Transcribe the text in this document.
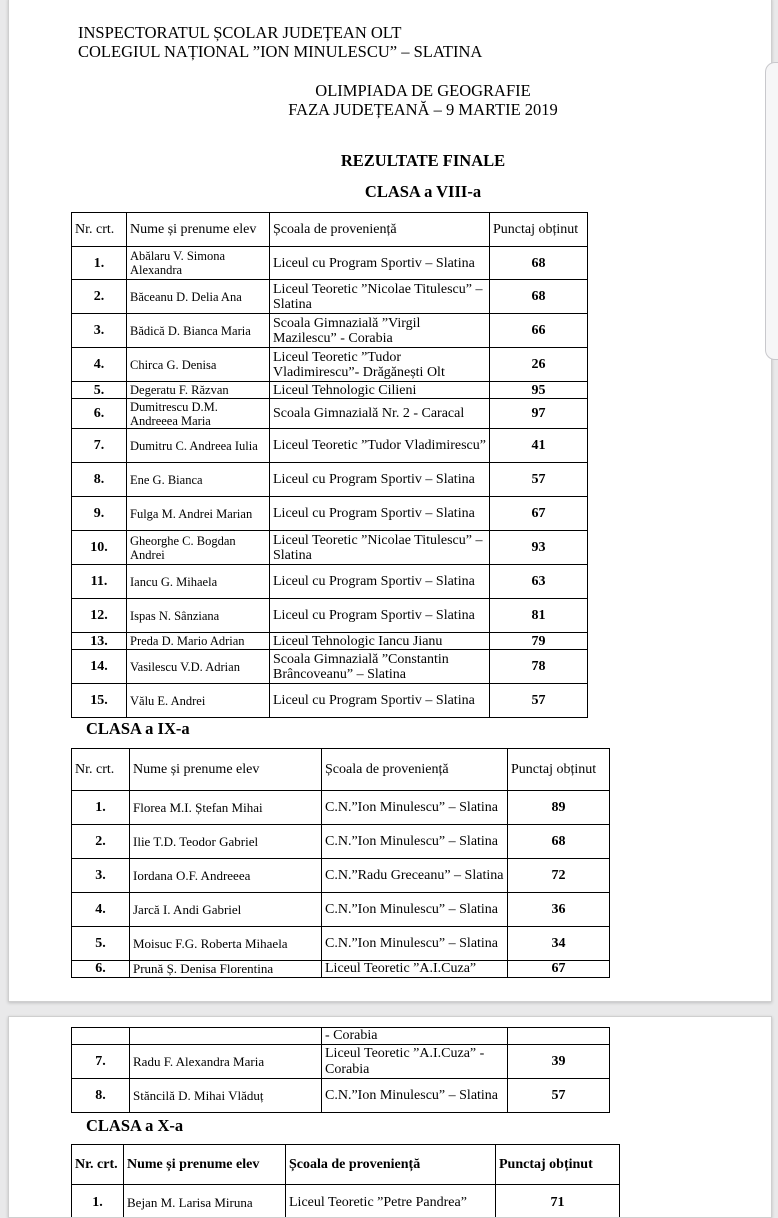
INSPECTORATUL ȘCOLAR JUDEȚEAN OLT
COLEGIUL NAȚIONAL ”ION MINULESCU” – SLATINA
OLIMPIADA DE GEOGRAFIE
FAZA JUDEȚEANĂ – 9 MARTIE 2019
REZULTATE FINALE
CLASA a VIII-a
Nr. crt.	Nume și prenume elev	Școala de proveniență	Punctaj obținut
1.	Abălaru V. Simona Alexandra	Liceul cu Program Sportiv – Slatina	68
2.	Băceanu D. Delia Ana	Liceul Teoretic ”Nicolae Titulescu” – Slatina	68
3.	Bădică D. Bianca Maria	Scoala Gimnazială ”Virgil Mazilescu” - Corabia	66
4.	Chirca G. Denisa	Liceul Teoretic ”Tudor Vladimirescu”- Drăgănești Olt	26
5.	Degeratu F. Răzvan	Liceul Tehnologic Cilieni	95
6.	Dumitrescu D.M. Andreeea Maria	Scoala Gimnazială Nr. 2 - Caracal	97
7.	Dumitru C. Andreea Iulia	Liceul Teoretic ”Tudor Vladimirescu”	41
8.	Ene G. Bianca	Liceul cu Program Sportiv – Slatina	57
9.	Fulga M. Andrei Marian	Liceul cu Program Sportiv – Slatina	67
10.	Gheorghe C. Bogdan Andrei	Liceul Teoretic ”Nicolae Titulescu” – Slatina	93
11.	Iancu G. Mihaela	Liceul cu Program Sportiv – Slatina	63
12.	Ispas N. Sânziana	Liceul cu Program Sportiv – Slatina	81
13.	Preda D. Mario Adrian	Liceul Tehnologic Iancu Jianu	79
14.	Vasilescu V.D. Adrian	Scoala Gimnazială ”Constantin Brâncoveanu” – Slatina	78
15.	Vălu E. Andrei	Liceul cu Program Sportiv – Slatina	57
CLASA a IX-a
Nr. crt.	Nume și prenume elev	Școala de proveniență	Punctaj obținut
1.	Florea M.I. Ștefan Mihai	C.N.”Ion Minulescu” – Slatina	89
2.	Ilie T.D. Teodor Gabriel	C.N.”Ion Minulescu” – Slatina	68
3.	Iordana O.F. Andreeea	C.N.”Radu Greceanu” – Slatina	72
4.	Jarcă I. Andi Gabriel	C.N.”Ion Minulescu” – Slatina	36
5.	Moisuc F.G. Roberta Mihaela	C.N.”Ion Minulescu” – Slatina	34
6.	Prună Ș. Denisa Florentina	Liceul Teoretic ”A.I.Cuza”	67
		- Corabia	
7.	Radu F. Alexandra Maria	Liceul Teoretic ”A.I.Cuza” - Corabia	39
8.	Stăncilă D. Mihai Vlăduț	C.N.”Ion Minulescu” – Slatina	57
CLASA a X-a
Nr. crt.	Nume și prenume elev	Școala de proveniență	Punctaj obținut
1.	Bejan M. Larisa Miruna	Liceul Teoretic ”Petre Pandrea”	71
